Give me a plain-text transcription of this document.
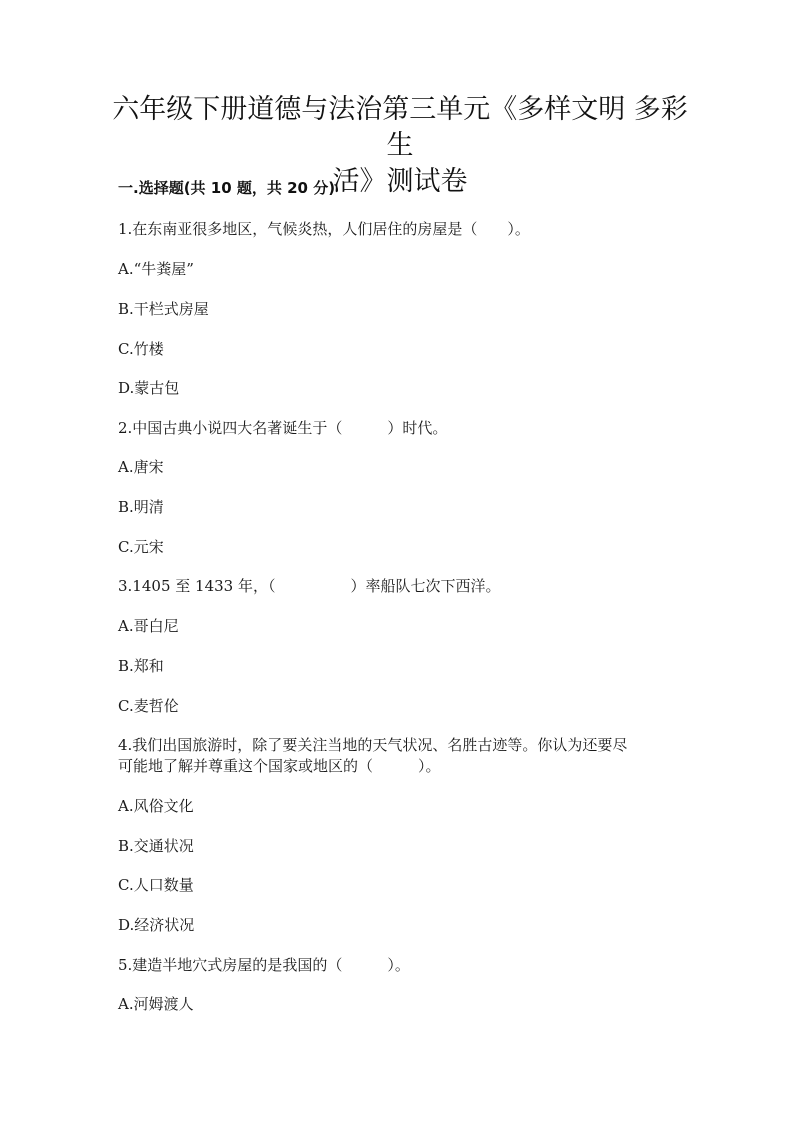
六年级下册道德与法治第三单元《多样文明 多彩生
活》测试卷
一.选择题(共 10 题，共 20 分)
1.在东南亚很多地区，气候炎热，人们居住的房屋是（　　）。
A.“牛粪屋”
B.干栏式房屋
C.竹楼
D.蒙古包
2.中国古典小说四大名著诞生于（　　　）时代。
A.唐宋
B.明清
C.元宋
3.1405 至 1433 年，（　　　　　）率船队七次下西洋。
A.哥白尼
B.郑和
C.麦哲伦
4.我们出国旅游时，除了要关注当地的天气状况、名胜古迹等。你认为还要尽
可能地了解并尊重这个国家或地区的（　　　）。
A.风俗文化
B.交通状况
C.人口数量
D.经济状况
5.建造半地穴式房屋的是我国的（　　　）。
A.河姆渡人
